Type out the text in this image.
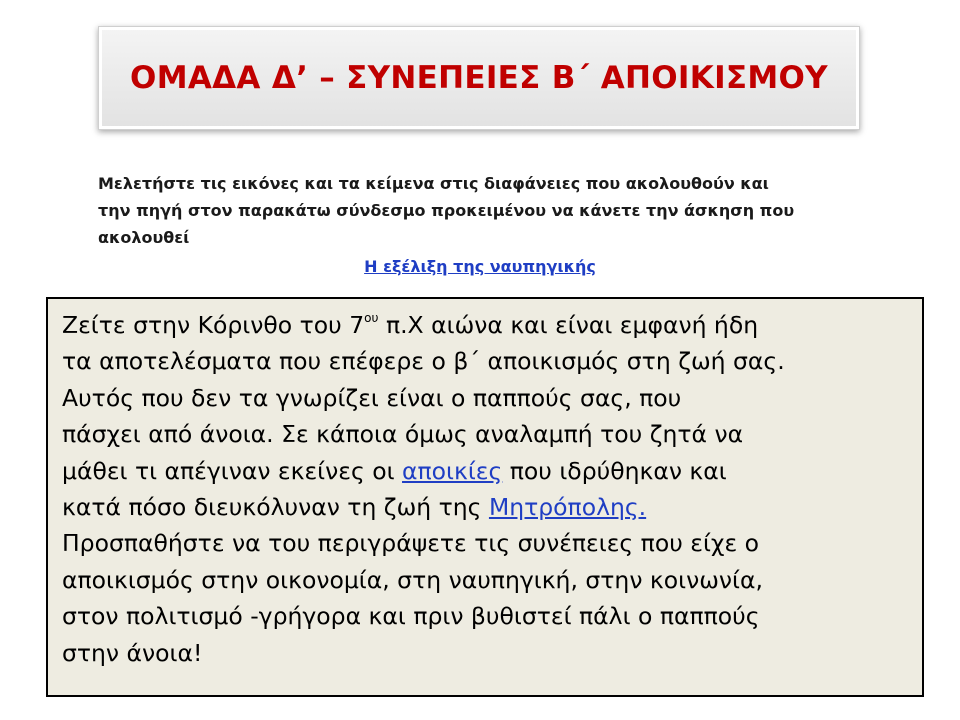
ΟΜΑΔΑ Δ’ – ΣΥΝΕΠΕΙΕΣ Β΄ ΑΠΟΙΚΙΣΜΟΥ

Μελετήστε τις εικόνες και τα κείμενα στις διαφάνειες που ακολουθούν και

την πηγή στον παρακάτω σύνδεσμο προκειμένου να κάνετε την άσκηση που

ακολουθεί

Η εξέλιξη της ναυπηγικής
Ζείτε στην Κόρινθο του $7^{o\upsilon}$ π.Χ αιώνα και είναι εμφανή ήδη
τα αποτελέσματα που επέφερε ο β΄ αποικισμός στη ζωή σας.
Αυτός που δεν τα γνωρίζει είναι ο παππούς σας, που
πάσχει από άνοια. Σε κάποια όμως αναλαμπή του ζητά να
μάθει τι απέγιναν εκείνες οι αποικίες που ιδρύθηκαν και
κατά πόσο διευκόλυναν τη ζωή της Μητρόπολης.
Προσπαθήστε να του περιγράψετε τις συνέπειες που είχε ο
αποικισμός στην οικονομία, στη ναυπηγική, στην κοινωνία,
στον πολιτισμό -γρήγορα και πριν βυθιστεί πάλι ο παππούς
στην άνοια!
